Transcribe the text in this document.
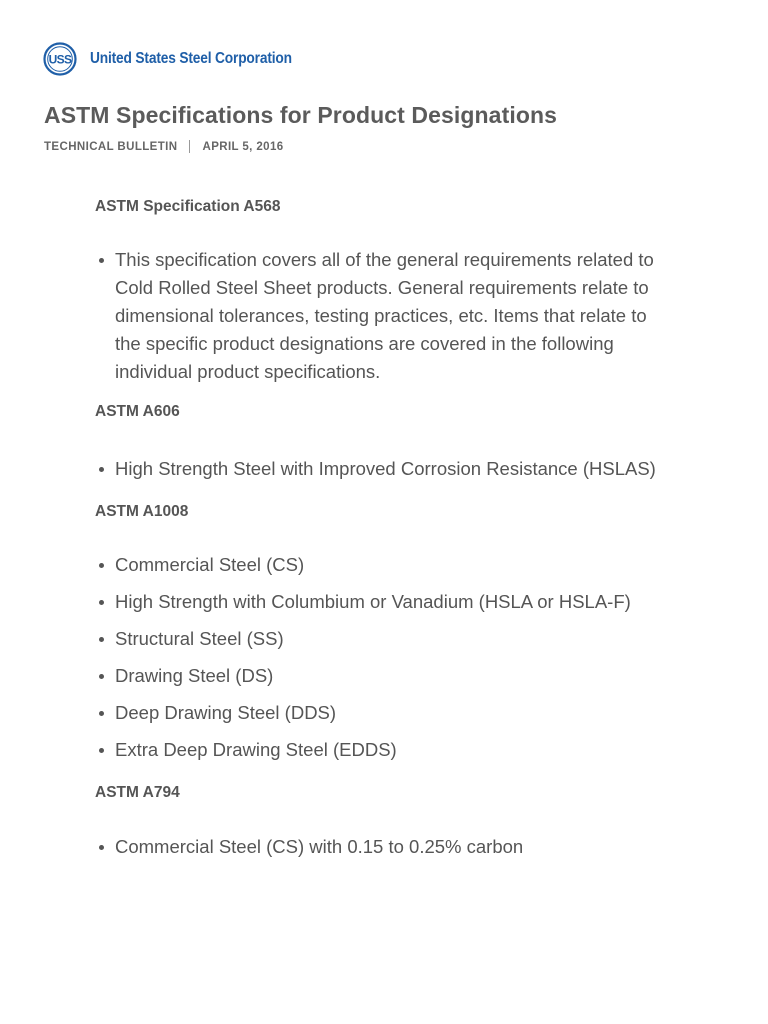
USS United States Steel Corporation
ASTM Specifications for Product Designations
TECHNICAL BULLETIN APRIL 5, 2016
ASTM Specification A568
This specification covers all of the general requirements related to Cold Rolled Steel Sheet products. General requirements relate to dimensional tolerances, testing practices, etc. Items that relate to the specific product designations are covered in the following individual product specifications.
ASTM A606
High Strength Steel with Improved Corrosion Resistance (HSLAS)
ASTM A1008
Commercial Steel (CS)
High Strength with Columbium or Vanadium (HSLA or HSLA-F)
Structural Steel (SS)
Drawing Steel (DS)
Deep Drawing Steel (DDS)
Extra Deep Drawing Steel (EDDS)
ASTM A794
Commercial Steel (CS) with 0.15 to 0.25% carbon
